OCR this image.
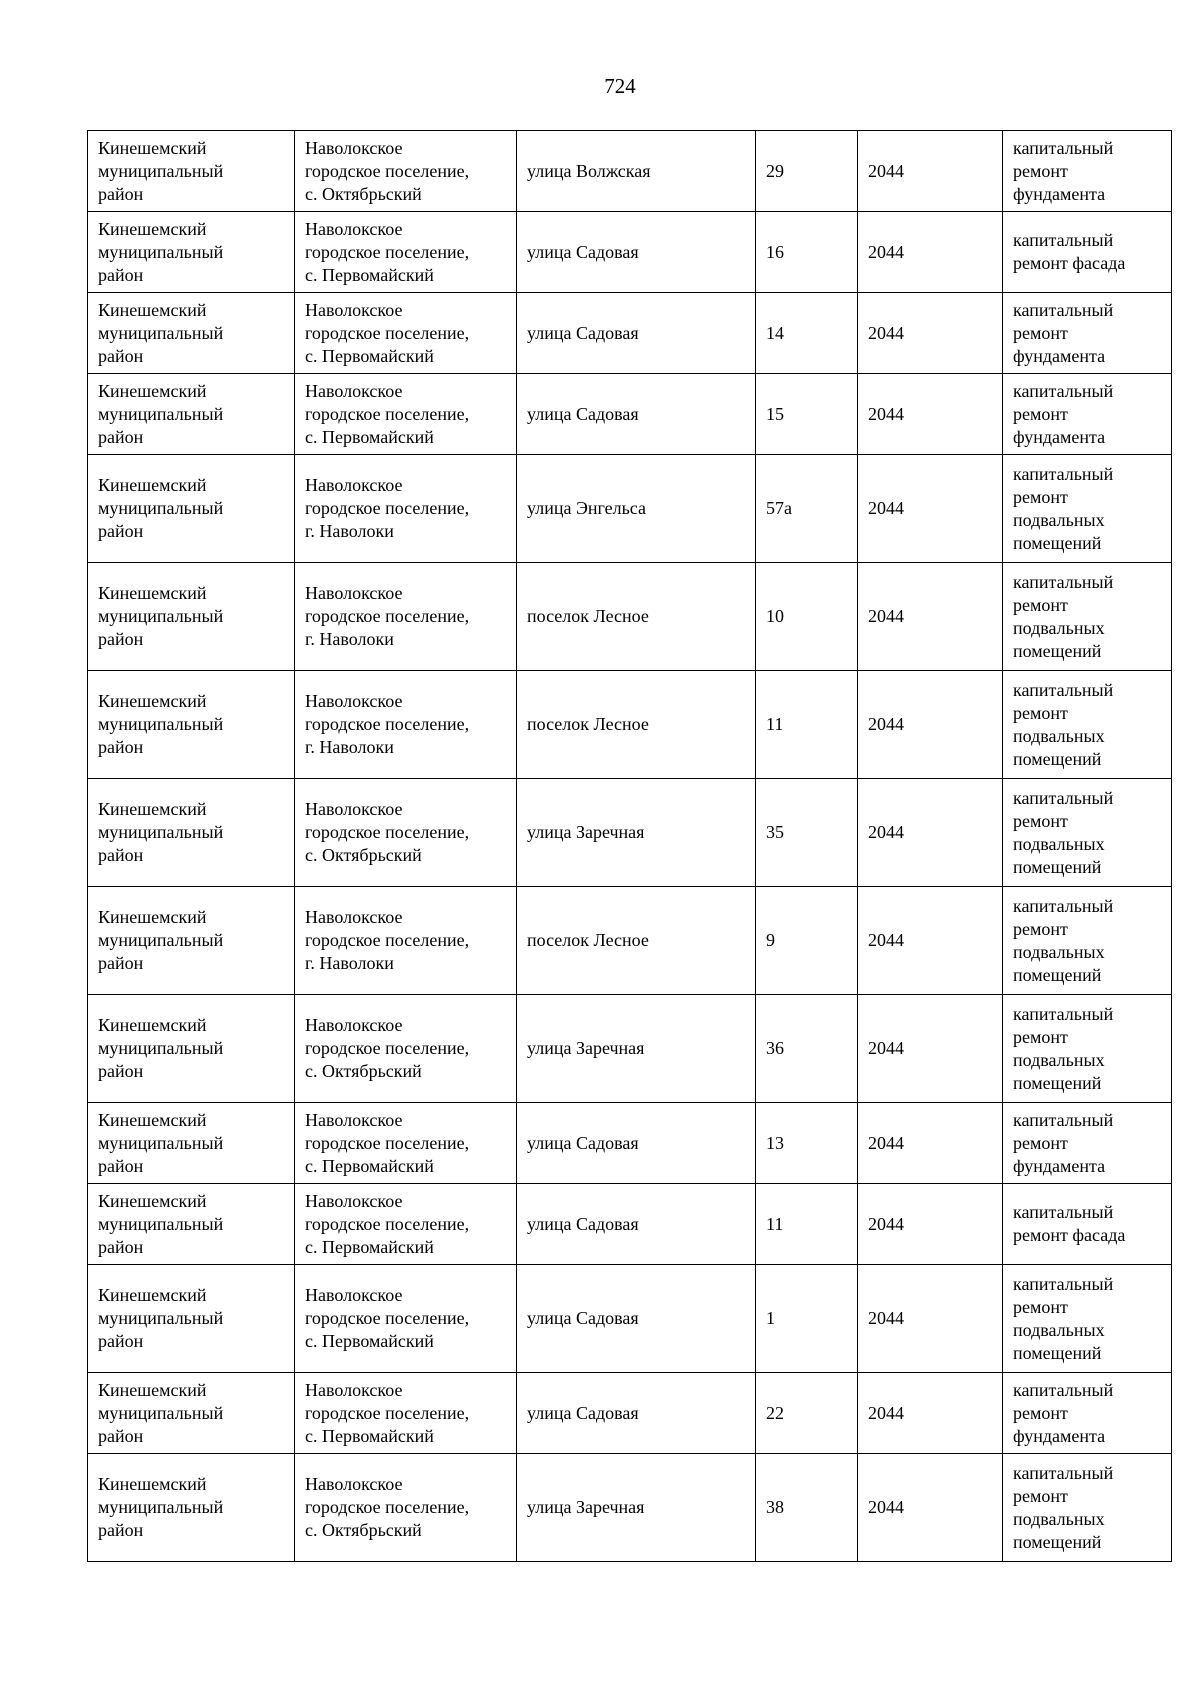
724
Кинешемский
муниципальный
район	Наволокское
городское поселение,
с. Октябрьский	улица Волжская	29	2044	капитальный
ремонт
фундамента

Кинешемский
муниципальный
район	Наволокское
городское поселение,
с. Первомайский	улица Садовая	16	2044	капитальный
ремонт фасада

Кинешемский
муниципальный
район	Наволокское
городское поселение,
с. Первомайский	улица Садовая	14	2044	капитальный
ремонт
фундамента

Кинешемский
муниципальный
район	Наволокское
городское поселение,
с. Первомайский	улица Садовая	15	2044	капитальный
ремонт
фундамента

Кинешемский
муниципальный
район	Наволокское
городское поселение,
г. Наволоки	улица Энгельса	57а	2044	капитальный
ремонт
подвальных
помещений

Кинешемский
муниципальный
район	Наволокское
городское поселение,
г. Наволоки	поселок Лесное	10	2044	капитальный
ремонт
подвальных
помещений

Кинешемский
муниципальный
район	Наволокское
городское поселение,
г. Наволоки	поселок Лесное	11	2044	капитальный
ремонт
подвальных
помещений

Кинешемский
муниципальный
район	Наволокское
городское поселение,
с. Октябрьский	улица Заречная	35	2044	капитальный
ремонт
подвальных
помещений

Кинешемский
муниципальный
район	Наволокское
городское поселение,
г. Наволоки	поселок Лесное	9	2044	капитальный
ремонт
подвальных
помещений

Кинешемский
муниципальный
район	Наволокское
городское поселение,
с. Октябрьский	улица Заречная	36	2044	капитальный
ремонт
подвальных
помещений

Кинешемский
муниципальный
район	Наволокское
городское поселение,
с. Первомайский	улица Садовая	13	2044	капитальный
ремонт
фундамента

Кинешемский
муниципальный
район	Наволокское
городское поселение,
с. Первомайский	улица Садовая	11	2044	капитальный
ремонт фасада

Кинешемский
муниципальный
район	Наволокское
городское поселение,
с. Первомайский	улица Садовая	1	2044	капитальный
ремонт
подвальных
помещений

Кинешемский
муниципальный
район	Наволокское
городское поселение,
с. Первомайский	улица Садовая	22	2044	капитальный
ремонт
фундамента

Кинешемский
муниципальный
район	Наволокское
городское поселение,
с. Октябрьский	улица Заречная	38	2044	капитальный
ремонт
подвальных
помещений
